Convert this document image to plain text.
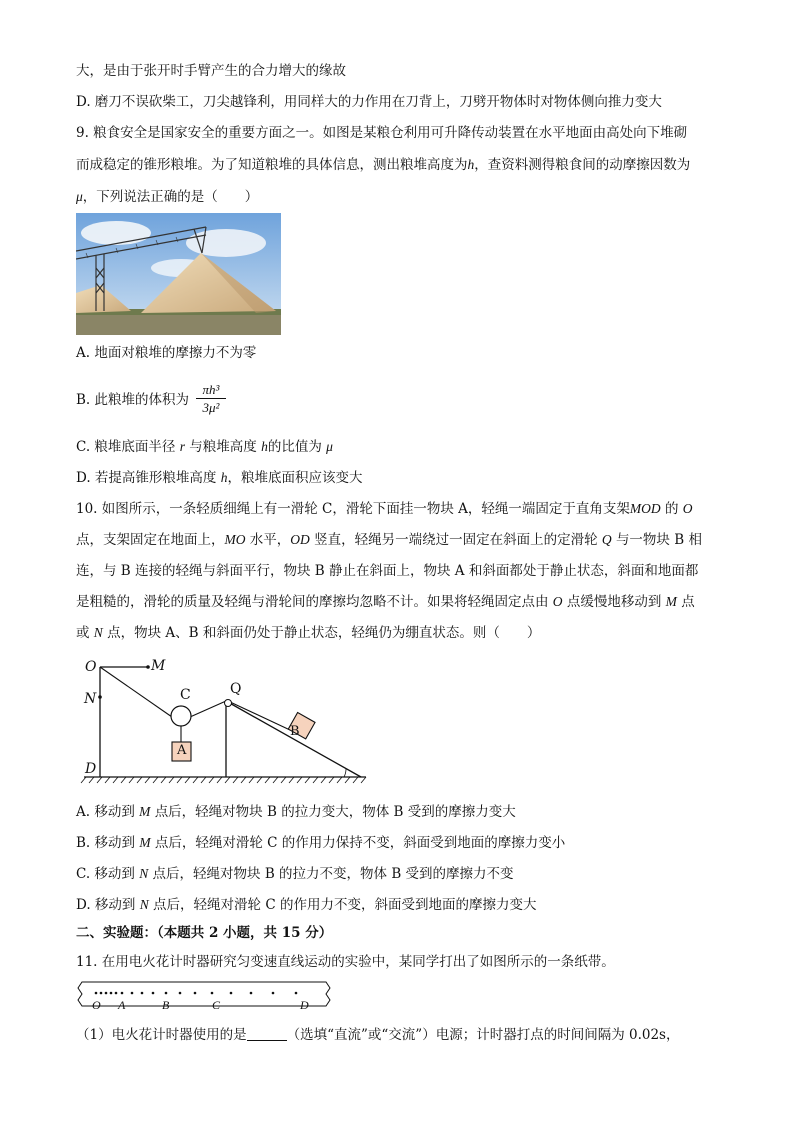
大，是由于张开时手臂产生的合力增大的缘故
D. 磨刀不误砍柴工，刀尖越锋利，用同样大的力作用在刀背上，刀劈开物体时对物体侧向推力变大
9. 粮食安全是国家安全的重要方面之一。如图是某粮仓利用可升降传动装置在水平地面由高处向下堆砌
而成稳定的锥形粮堆。为了知道粮堆的具体信息，测出粮堆高度为h，查资料测得粮食间的动摩擦因数为
μ，下列说法正确的是（　　）
A. 地面对粮堆的摩擦力不为零
B. 此粮堆的体积为 $\frac{\text{πh³}}{\text{3μ²}}$
C. 粮堆底面半径 r 与粮堆高度 h的比值为 μ
D. 若提高锥形粮堆高度 h，粮堆底面积应该变大
10. 如图所示，一条轻质细绳上有一滑轮 C，滑轮下面挂一物块 A，轻绳一端固定于直角支架MOD 的 O
点，支架固定在地面上，MO 水平，OD 竖直，轻绳另一端绕过一固定在斜面上的定滑轮 Q 与一物块 B 相
连，与 B 连接的轻绳与斜面平行，物块 B 静止在斜面上，物块 A 和斜面都处于静止状态，斜面和地面都
是粗糙的，滑轮的质量及轻绳与滑轮间的摩擦均忽略不计。如果将轻绳固定点由 O 点缓慢地移动到 M 点
或 N 点，物块 A、B 和斜面仍处于静止状态，轻绳仍为绷直状态。则（　　）
O	M
N	C	Q
A
B
D
A. 移动到 M 点后，轻绳对物块 B 的拉力变大，物体 B 受到的摩擦力变大
B. 移动到 M 点后，轻绳对滑轮 C 的作用力保持不变，斜面受到地面的摩擦力变小
C. 移动到 N 点后，轻绳对物块 B 的拉力不变，物体 B 受到的摩擦力不变
D. 移动到 N 点后，轻绳对滑轮 C 的作用力不变，斜面受到地面的摩擦力变大
二、实验题：（本题共 2 小题，共 15 分）
11. 在用电火花计时器研究匀变速直线运动的实验中，某同学打出了如图所示的一条纸带。
O A	B	C	D
（1）电火花计时器使用的是	（选填“直流”或“交流”）电源；计时器打点的时间间隔为 0.02s，
